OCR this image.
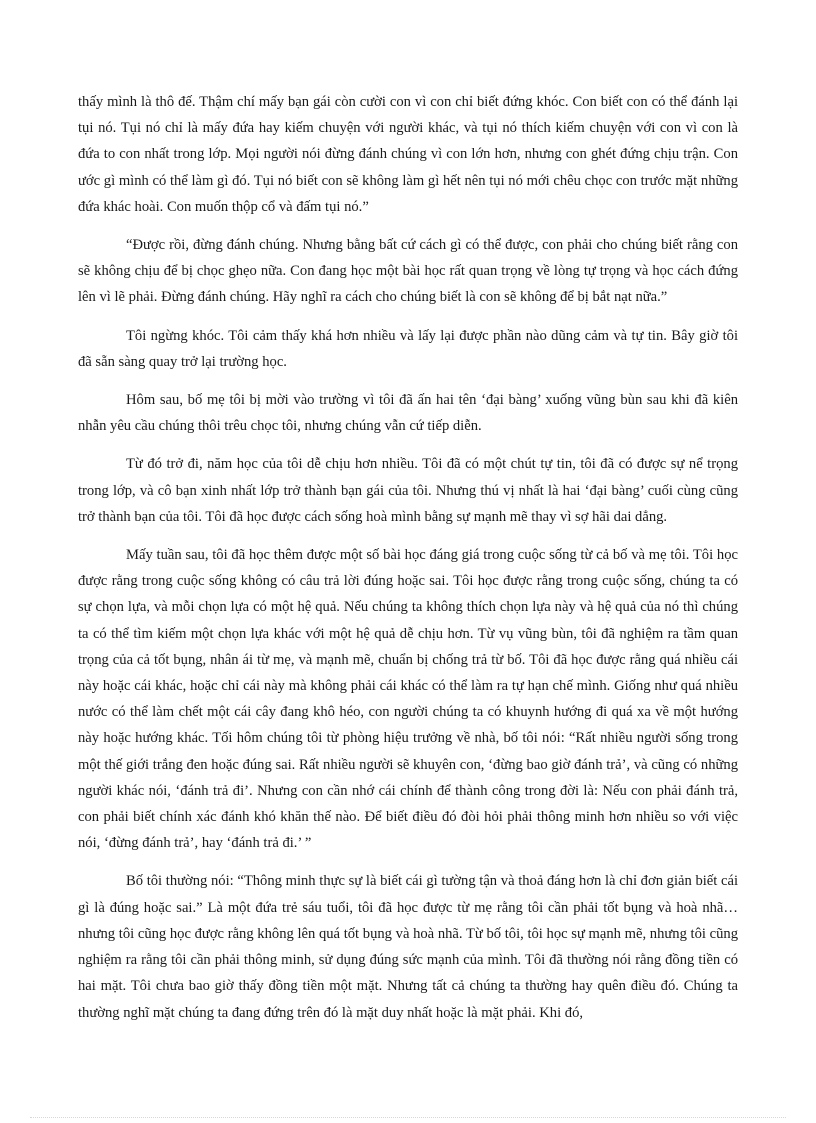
thấy mình là thô đế. Thậm chí mấy bạn gái còn cười con vì con chỉ biết đứng khóc. Con biết con có thể đánh lại tụi nó. Tụi nó chỉ là mấy đứa hay kiếm chuyện với người khác, và tụi nó thích kiếm chuyện với con vì con là đứa to con nhất trong lớp. Mọi người nói đừng đánh chúng vì con lớn hơn, nhưng con ghét đứng chịu trận. Con ước gì mình có thể làm gì đó. Tụi nó biết con sẽ không làm gì hết nên tụi nó mới chêu chọc con trước mặt những đứa khác hoài. Con muốn thộp cổ và đấm tụi nó.”

“Được rồi, đừng đánh chúng. Nhưng bằng bất cứ cách gì có thể được, con phải cho chúng biết rằng con sẽ không chịu để bị chọc ghẹo nữa. Con đang học một bài học rất quan trọng về lòng tự trọng và học cách đứng lên vì lẽ phải. Đừng đánh chúng. Hãy nghĩ ra cách cho chúng biết là con sẽ không để bị bắt nạt nữa.”

Tôi ngừng khóc. Tôi cảm thấy khá hơn nhiều và lấy lại được phần nào dũng cảm và tự tin. Bây giờ tôi đã sẵn sàng quay trở lại trường học.

Hôm sau, bố mẹ tôi bị mời vào trường vì tôi đã ấn hai tên ‘đại bàng’ xuống vũng bùn sau khi đã kiên nhẫn yêu cầu chúng thôi trêu chọc tôi, nhưng chúng vẫn cứ tiếp diễn.

Từ đó trở đi, năm học của tôi dễ chịu hơn nhiều. Tôi đã có một chút tự tin, tôi đã có được sự nể trọng trong lớp, và cô bạn xinh nhất lớp trở thành bạn gái của tôi. Nhưng thú vị nhất là hai ‘đại bàng’ cuối cùng cũng trở thành bạn của tôi. Tôi đã học được cách sống hoà mình bằng sự mạnh mẽ thay vì sợ hãi dai dẳng.

Mấy tuần sau, tôi đã học thêm được một số bài học đáng giá trong cuộc sống từ cả bố và mẹ tôi. Tôi học được rằng trong cuộc sống không có câu trả lời đúng hoặc sai. Tôi học được rằng trong cuộc sống, chúng ta có sự chọn lựa, và mỗi chọn lựa có một hệ quả. Nếu chúng ta không thích chọn lựa này và hệ quả của nó thì chúng ta có thể tìm kiếm một chọn lựa khác với một hệ quả dễ chịu hơn. Từ vụ vũng bùn, tôi đã nghiệm ra tầm quan trọng của cả tốt bụng, nhân ái từ mẹ, và mạnh mẽ, chuẩn bị chống trả từ bố. Tôi đã học được rằng quá nhiều cái này hoặc cái khác, hoặc chỉ cái này mà không phải cái khác có thể làm ra tự hạn chế mình. Giống như quá nhiều nước có thể làm chết một cái cây đang khô héo, con người chúng ta có khuynh hướng đi quá xa về một hướng này hoặc hướng khác. Tối hôm chúng tôi từ phòng hiệu trưởng về nhà, bố tôi nói: “Rất nhiều người sống trong một thế giới trắng đen hoặc đúng sai. Rất nhiều người sẽ khuyên con, ‘đừng bao giờ đánh trả’, và cũng có những người khác nói, ‘đánh trả đi’. Nhưng con cần nhớ cái chính để thành công trong đời là: Nếu con phải đánh trả, con phải biết chính xác đánh khó khăn thế nào. Để biết điều đó đòi hỏi phải thông minh hơn nhiều so với việc nói, ‘đừng đánh trả’, hay ‘đánh trả đi.’ ”

Bố tôi thường nói: “Thông minh thực sự là biết cái gì tường tận và thoả đáng hơn là chỉ đơn giản biết cái gì là đúng hoặc sai.” Là một đứa trẻ sáu tuổi, tôi đã học được từ mẹ rằng tôi cần phải tốt bụng và hoà nhã… nhưng tôi cũng học được rằng không lên quá tốt bụng và hoà nhã. Từ bố tôi, tôi học sự mạnh mẽ, nhưng tôi cũng nghiệm ra rằng tôi cần phải thông minh, sử dụng đúng sức mạnh của mình. Tôi đã thường nói rằng đồng tiền có hai mặt. Tôi chưa bao giờ thấy đồng tiền một mặt. Nhưng tất cả chúng ta thường hay quên điều đó. Chúng ta thường nghĩ mặt chúng ta đang đứng trên đó là mặt duy nhất hoặc là mặt phải. Khi đó,
